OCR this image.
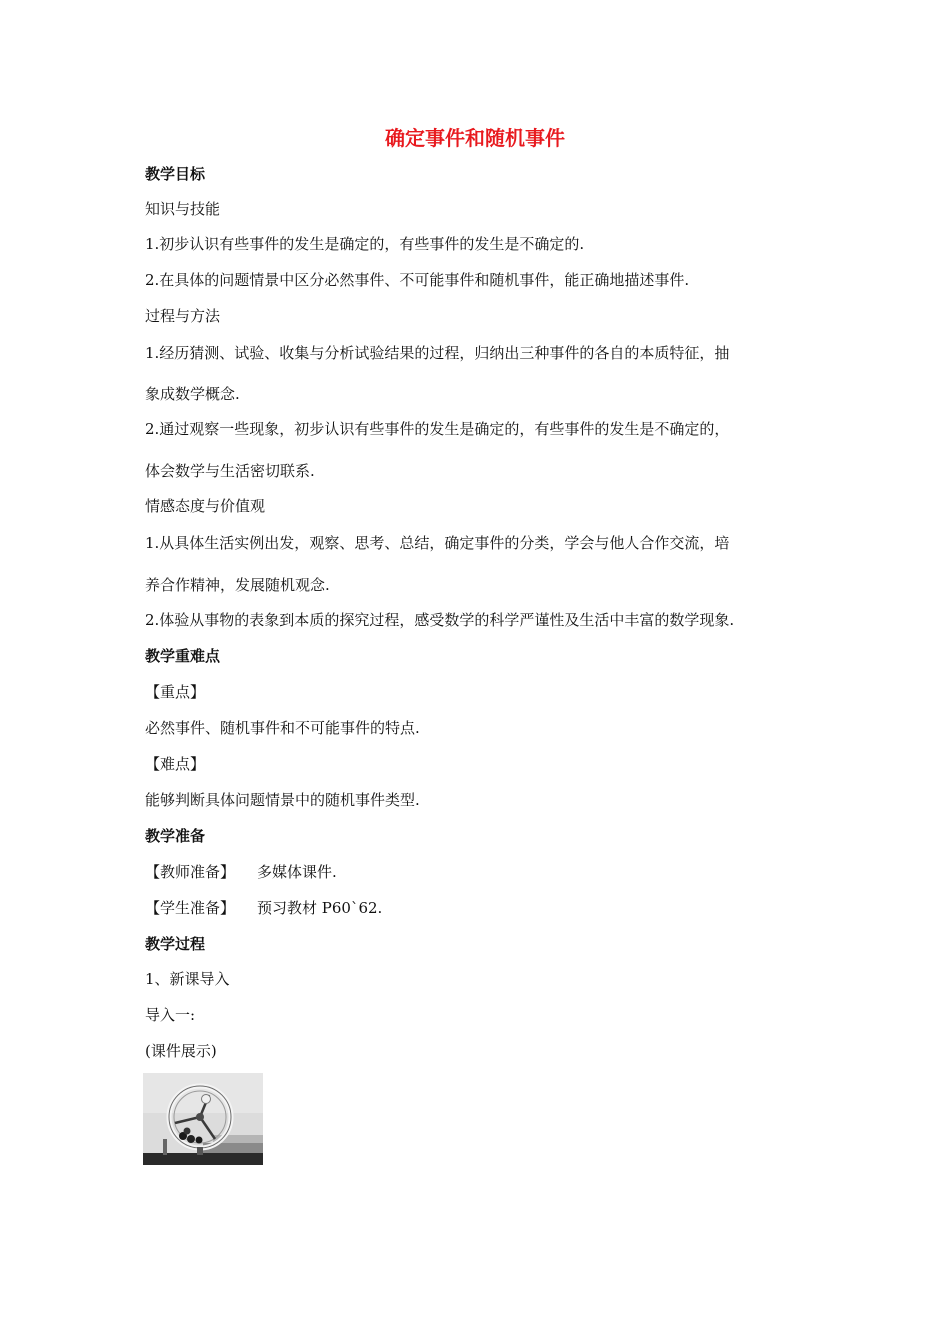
确定事件和随机事件
教学目标
知识与技能
1.初步认识有些事件的发生是确定的，有些事件的发生是不确定的.
2.在具体的问题情景中区分必然事件、不可能事件和随机事件，能正确地描述事件.
过程与方法
1.经历猜测、试验、收集与分析试验结果的过程，归纳出三种事件的各自的本质特征，抽
象成数学概念.
2.通过观察一些现象，初步认识有些事件的发生是确定的，有些事件的发生是不确定的，
体会数学与生活密切联系.
情感态度与价值观
1.从具体生活实例出发，观察、思考、总结，确定事件的分类，学会与他人合作交流，培
养合作精神，发展随机观念.
2.体验从事物的表象到本质的探究过程，感受数学的科学严谨性及生活中丰富的数学现象.
教学重难点
【重点】
必然事件、随机事件和不可能事件的特点.
【难点】
能够判断具体问题情景中的随机事件类型.
教学准备
【教师准备】 多媒体课件.
【学生准备】 预习教材 P60`62.
教学过程
1、新课导入
导入一:
(课件展示)
